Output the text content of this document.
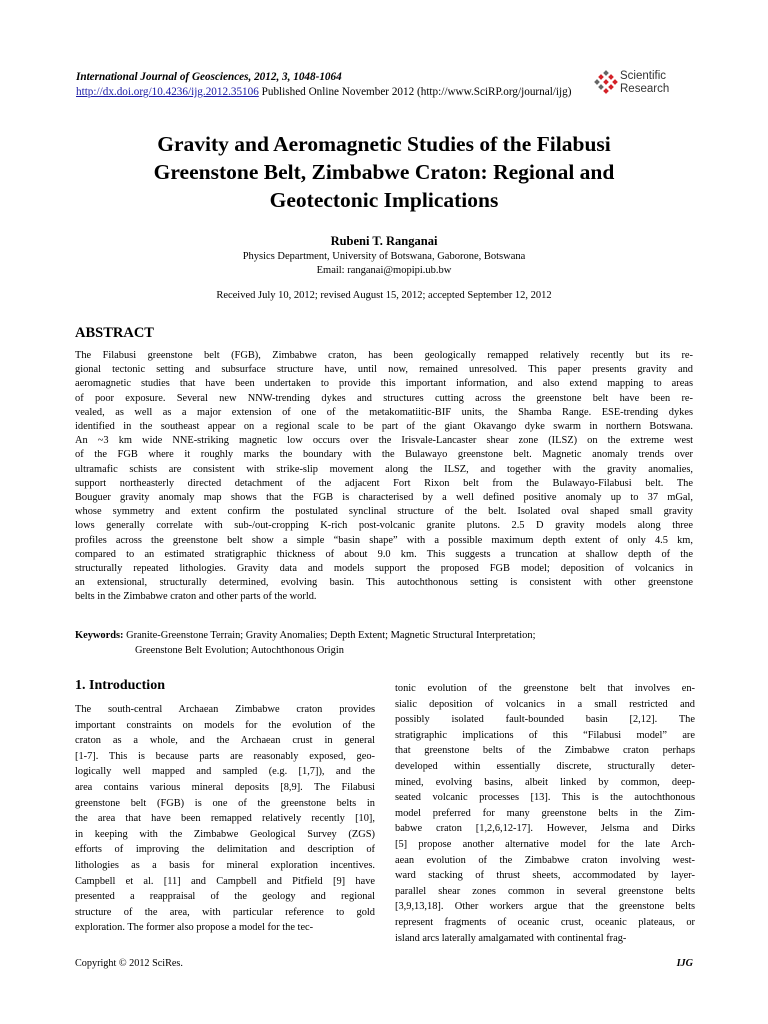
International Journal of Geosciences, 2012, 3, 1048-1064
http://dx.doi.org/10.4236/ijg.2012.35106 Published Online November 2012 (http://www.SciRP.org/journal/ijg)
Scientific
Research
Gravity and Aeromagnetic Studies of the Filabusi
Greenstone Belt, Zimbabwe Craton: Regional and
Geotectonic Implications
Rubeni T. Ranganai
Physics Department, University of Botswana, Gaborone, Botswana
Email: ranganai@mopipi.ub.bw
Received July 10, 2012; revised August 15, 2012; accepted September 12, 2012
ABSTRACT
The Filabusi greenstone belt (FGB), Zimbabwe craton, has been geologically remapped relatively recently but its re-
gional tectonic setting and subsurface structure have, until now, remained unresolved. This paper presents gravity and
aeromagnetic studies that have been undertaken to provide this important information, and also extend mapping to areas
of poor exposure. Several new NNW-trending dykes and structures cutting across the greenstone belt have been re-
vealed, as well as a major extension of one of the metakomatiitic-BIF units, the Shamba Range. ESE-trending dykes
identified in the southeast appear on a regional scale to be part of the giant Okavango dyke swarm in northern Botswana.
An ~3 km wide NNE-striking magnetic low occurs over the Irisvale-Lancaster shear zone (ILSZ) on the extreme west
of the FGB where it roughly marks the boundary with the Bulawayo greenstone belt. Magnetic anomaly trends over
ultramafic schists are consistent with strike-slip movement along the ILSZ, and together with the gravity anomalies,
support northeasterly directed detachment of the adjacent Fort Rixon belt from the Bulawayo-Filabusi belt. The
Bouguer gravity anomaly map shows that the FGB is characterised by a well defined positive anomaly up to 37 mGal,
whose symmetry and extent confirm the postulated synclinal structure of the belt. Isolated oval shaped small gravity
lows generally correlate with sub-/out-cropping K-rich post-volcanic granite plutons. 2.5 D gravity models along three
profiles across the greenstone belt show a simple “basin shape” with a possible maximum depth extent of only 4.5 km,
compared to an estimated stratigraphic thickness of about 9.0 km. This suggests a truncation at shallow depth of the
structurally repeated lithologies. Gravity data and models support the proposed FGB model; deposition of volcanics in
an extensional, structurally determined, evolving basin. This autochthonous setting is consistent with other greenstone
belts in the Zimbabwe craton and other parts of the world.
Keywords: Granite-Greenstone Terrain; Gravity Anomalies; Depth Extent; Magnetic Structural Interpretation;
Greenstone Belt Evolution; Autochthonous Origin
1. Introduction
The south-central Archaean Zimbabwe craton provides
important constraints on models for the evolution of the
craton as a whole, and the Archaean crust in general
[1-7]. This is because parts are reasonably exposed, geo-
logically well mapped and sampled (e.g. [1,7]), and the
area contains various mineral deposits [8,9]. The Filabusi
greenstone belt (FGB) is one of the greenstone belts in
the area that have been remapped relatively recently [10],
in keeping with the Zimbabwe Geological Survey (ZGS)
efforts of improving the delimitation and description of
lithologies as a basis for mineral exploration incentives.
Campbell et al. [11] and Campbell and Pitfield [9] have
presented a reappraisal of the geology and regional
structure of the area, with particular reference to gold
exploration. The former also propose a model for the tec-
tonic evolution of the greenstone belt that involves en-
sialic deposition of volcanics in a small restricted and
possibly isolated fault-bounded basin [2,12]. The
stratigraphic implications of this “Filabusi model” are
that greenstone belts of the Zimbabwe craton perhaps
developed within essentially discrete, structurally deter-
mined, evolving basins, albeit linked by common, deep-
seated volcanic processes [13]. This is the autochthonous
model preferred for many greenstone belts in the Zim-
babwe craton [1,2,6,12-17]. However, Jelsma and Dirks
[5] propose another alternative model for the late Arch-
aean evolution of the Zimbabwe craton involving west-
ward stacking of thrust sheets, accommodated by layer-
parallel shear zones common in several greenstone belts
[3,9,13,18]. Other workers argue that the greenstone belts
represent fragments of oceanic crust, oceanic plateaus, or
island arcs laterally amalgamated with continental frag-
Copyright © 2012 SciRes.	IJG
